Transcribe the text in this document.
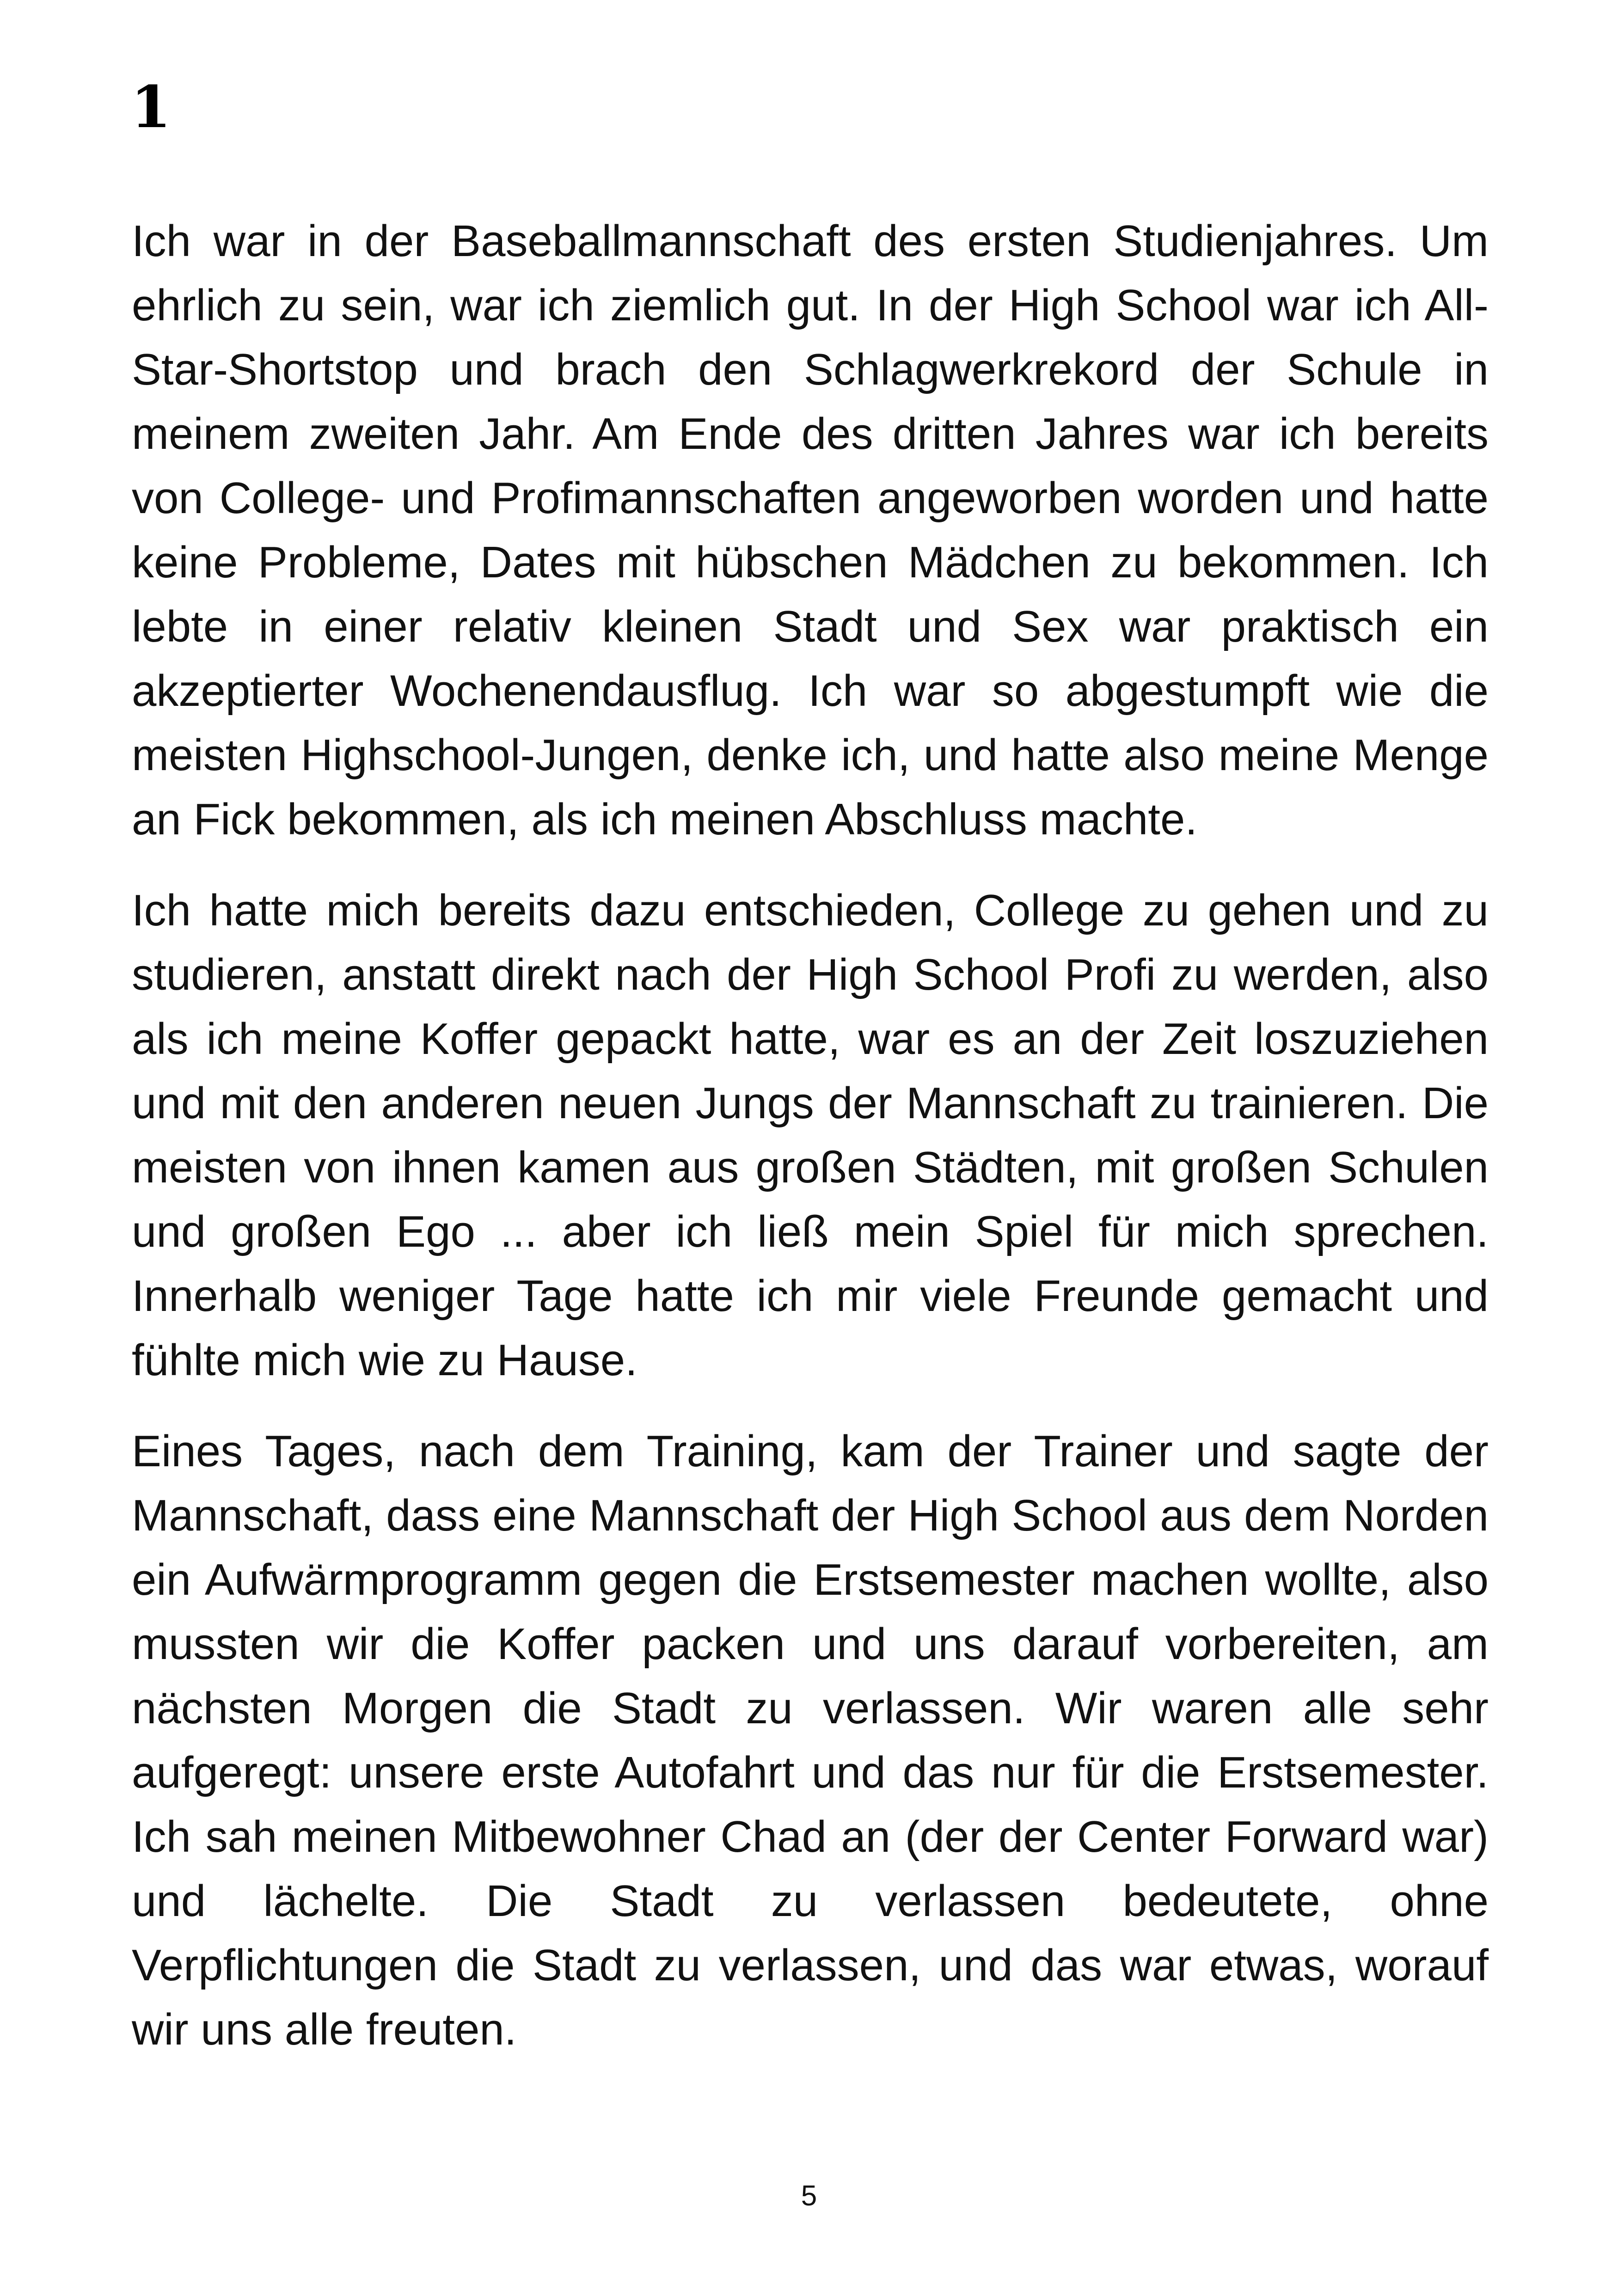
1

Ich war in der Baseballmannschaft des ersten Studienjahres. Um ehrlich zu sein, war ich ziemlich gut. In der High School war ich All-Star-Shortstop und brach den Schlagwerkrekord der Schule in meinem zweiten Jahr. Am Ende des dritten Jahres war ich bereits von College- und Profimannschaften angeworben worden und hatte keine Probleme, Dates mit hübschen Mädchen zu bekommen. Ich lebte in einer relativ kleinen Stadt und Sex war praktisch ein akzeptierter Wochenendausflug. Ich war so abgestumpft wie die meisten Highschool-Jungen, denke ich, und hatte also meine Menge an Fick bekommen, als ich meinen Abschluss machte.

Ich hatte mich bereits dazu entschieden, College zu gehen und zu studieren, anstatt direkt nach der High School Profi zu werden, also als ich meine Koffer gepackt hatte, war es an der Zeit loszuziehen und mit den anderen neuen Jungs der Mannschaft zu trainieren. Die meisten von ihnen kamen aus großen Städten, mit großen Schulen und großen Ego ... aber ich ließ mein Spiel für mich sprechen. Innerhalb weniger Tage hatte ich mir viele Freunde gemacht und fühlte mich wie zu Hause.

Eines Tages, nach dem Training, kam der Trainer und sagte der Mannschaft, dass eine Mannschaft der High School aus dem Norden ein Aufwärmprogramm gegen die Erstsemester machen wollte, also mussten wir die Koffer packen und uns darauf vorbereiten, am nächsten Morgen die Stadt zu verlassen. Wir waren alle sehr aufgeregt: unsere erste Autofahrt und das nur für die Erstsemester. Ich sah meinen Mitbewohner Chad an (der der Center Forward war) und lächelte. Die Stadt zu verlassen bedeutete, ohne Verpflichtungen die Stadt zu verlassen, und das war etwas, worauf wir uns alle freuten.

5
